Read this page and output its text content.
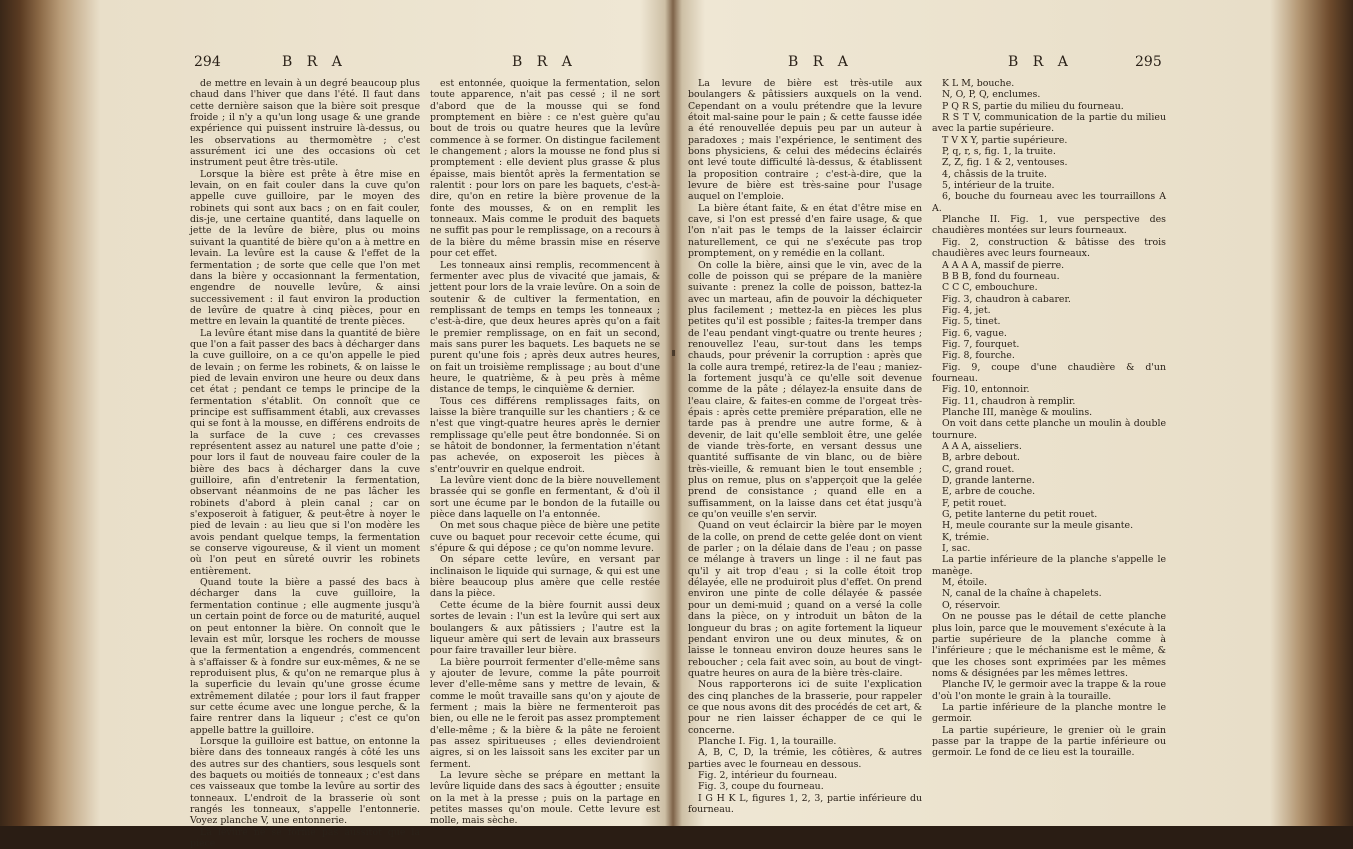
294	B R A	B R A

de mettre en levain à un degré beaucoup plus chaud dans l'hiver que dans l'été. Il faut dans cette dernière saison que la bière soit presque froide ; il n'y a qu'un long usage & une grande expérience qui puissent instruire là-dessus, ou les observations au thermomètre ; c'est assurément ici une des occasions où cet instrument peut être très-utile.

Lorsque la bière est prête à être mise en levain, on en fait couler dans la cuve qu'on appelle cuve guilloire, par le moyen des robinets qui sont aux bacs ; on en fait couler, dis-je, une certaine quantité, dans laquelle on jette de la levûre de bière, plus ou moins suivant la quantité de bière qu'on a à mettre en levain. La levûre est la cause & l'effet de la fermentation ; de sorte que celle que l'on met dans la bière y occasionnant la fermentation, engendre de nouvelle levûre, & ainsi successivement : il faut environ la production de levûre de quatre à cinq pièces, pour en mettre en levain la quantité de trente pièces.

La levûre étant mise dans la quantité de bière que l'on a fait passer des bacs à décharger dans la cuve guilloire, on a ce qu'on appelle le pied de levain ; on ferme les robinets, & on laisse le pied de levain environ une heure ou deux dans cet état ; pendant ce temps le principe de la fermentation s'établit. On connoît que ce principe est suffisamment établi, aux crevasses qui se font à la mousse, en différens endroits de la surface de la cuve ; ces crevasses représentent assez au naturel une patte d'oie ; pour lors il faut de nouveau faire couler de la bière des bacs à décharger dans la cuve guilloire, afin d'entretenir la fermentation, observant néanmoins de ne pas lâcher les robinets d'abord à plein canal ; car on s'exposeroit à fatiguer, & peut-être à noyer le pied de levain : au lieu que si l'on modère les avois pendant quelque temps, la fermentation se conserve vigoureuse, & il vient un moment où l'on peut en sûreté ouvrir les robinets entièrement.

Quand toute la bière a passé des bacs à décharger dans la cuve guilloire, la fermentation continue ; elle augmente jusqu'à un certain point de force ou de maturité, auquel on peut entonner la bière. On connoît que le levain est mûr, lorsque les rochers de mousse que la fermentation a engendrés, commencent à s'affaisser & à fondre sur eux-mêmes, & ne se reproduisent plus, & qu'on ne remarque plus à la superficie du levain qu'une grosse écume extrêmement dilatée ; pour lors il faut frapper sur cette écume avec une longue perche, & la faire rentrer dans la liqueur ; c'est ce qu'on appelle battre la guilloire.

Lorsque la guilloire est battue, on entonne la bière dans des tonneaux rangés à côté les uns des autres sur des chantiers, sous lesquels sont des baquets ou moitiés de tonneaux ; c'est dans ces vaisseaux que tombe la levûre au sortir des tonneaux. L'endroit de la brasserie où sont rangés les tonneaux, s'appelle l'entonnerie. Voyez planche V, une entonnerie.

La levûre ne se forme pas aussitôt que la pièce

est entonnée, quoique la fermentation, selon toute apparence, n'ait pas cessé ; il ne sort d'abord que de la mousse qui se fond promptement en bière : ce n'est guère qu'au bout de trois ou quatre heures que la levûre commence à se former. On distingue facilement le changement ; alors la mousse ne fond plus si promptement : elle devient plus grasse & plus épaisse, mais bientôt après la fermentation se ralentit : pour lors on pare les baquets, c'est-à-dire, qu'on en retire la bière provenue de la fonte des mousses, & on en remplit les tonneaux. Mais comme le produit des baquets ne suffit pas pour le remplissage, on a recours à de la bière du même brassin mise en réserve pour cet effet.

Les tonneaux ainsi remplis, recommencent à fermenter avec plus de vivacité que jamais, & jettent pour lors de la vraie levûre. On a soin de soutenir & de cultiver la fermentation, en remplissant de temps en temps les tonneaux ; c'est-à-dire, que deux heures après qu'on a fait le premier remplissage, on en fait un second, mais sans purer les baquets. Les baquets ne se purent qu'une fois ; après deux autres heures, on fait un troisième remplissage ; au bout d'une heure, le quatrième, & à peu près à même distance de temps, le cinquième & dernier.

Tous ces différens remplissages faits, on laisse la bière tranquille sur les chantiers ; & ce n'est que vingt-quatre heures après le dernier remplissage qu'elle peut être bondonnée. Si on se hâtoit de bondonner, la fermentation n'étant pas achevée, on exposeroit les pièces à s'entr'ouvrir en quelque endroit.

La levûre vient donc de la bière nouvellement brassée qui se gonfle en fermentant, & d'où il sort une écume par le bondon de la futaille ou pièce dans laquelle on l'a entonnée.

On met sous chaque pièce de bière une petite cuve ou baquet pour recevoir cette écume, qui s'épure & qui dépose ; ce qu'on nomme levure.

On sépare cette levûre, en versant par inclinaison le liquide qui surnage, & qui est une bière beaucoup plus amère que celle restée dans la pièce.

Cette écume de la bière fournit aussi deux sortes de levain : l'un est la levûre qui sert aux boulangers & aux pâtissiers ; l'autre est la liqueur amère qui sert de levain aux brasseurs pour faire travailler leur bière.

La bière pourroit fermenter d'elle-même sans y ajouter de levure, comme la pâte pourroit lever d'elle-même sans y mettre de levain, & comme le moût travaille sans qu'on y ajoute de ferment ; mais la bière ne fermenteroit pas bien, ou elle ne le feroit pas assez promptement d'elle-même ; & la bière & la pâte ne feroient pas assez spiritueuses ; elles deviendroient aigres, si on les laissoit sans les exciter par un ferment.

La levure sèche se prépare en mettant la levûre liquide dans des sacs à égoutter ; ensuite on la met à la presse ; puis on la partage en petites masses qu'on moule. Cette levure est molle, mais sèche.

B R A	B R A	295

La levure de bière est très-utile aux boulangers & pâtissiers auxquels on la vend. Cependant on a voulu prétendre que la levure étoit mal-saine pour le pain ; & cette fausse idée a été renouvellée depuis peu par un auteur à paradoxes ; mais l'expérience, le sentiment des bons physiciens, & celui des médecins éclairés ont levé toute difficulté là-dessus, & établissent la proposition contraire ; c'est-à-dire, que la levure de bière est très-saine pour l'usage auquel on l'emploie.

La bière étant faite, & en état d'être mise en cave, si l'on est pressé d'en faire usage, & que l'on n'ait pas le temps de la laisser éclaircir naturellement, ce qui ne s'exécute pas trop promptement, on y remédie en la collant.

On colle la bière, ainsi que le vin, avec de la colle de poisson qui se prépare de la manière suivante : prenez la colle de poisson, battez-la avec un marteau, afin de pouvoir la déchiqueter plus facilement ; mettez-la en pièces les plus petites qu'il est possible ; faites-la tremper dans de l'eau pendant vingt-quatre ou trente heures ; renouvellez l'eau, sur-tout dans les temps chauds, pour prévenir la corruption : après que la colle aura trempé, retirez-la de l'eau ; maniez-la fortement jusqu'à ce qu'elle soit devenue comme de la pâte ; délayez-la ensuite dans de l'eau claire, & faites-en comme de l'orgeat très-épais : après cette première préparation, elle ne tarde pas à prendre une autre forme, & à devenir, de lait qu'elle sembloit être, une gelée de viande très-forte, en versant dessus une quantité suffisante de vin blanc, ou de bière très-vieille, & remuant bien le tout ensemble ; plus on remue, plus on s'apperçoit que la gelée prend de consistance ; quand elle en a suffisamment, on la laisse dans cet état jusqu'à ce qu'on veuille s'en servir.

Quand on veut éclaircir la bière par le moyen de la colle, on prend de cette gelée dont on vient de parler ; on la délaie dans de l'eau ; on passe ce mélange à travers un linge : il ne faut pas qu'il y ait trop d'eau ; si la colle étoit trop délayée, elle ne produiroit plus d'effet. On prend environ une pinte de colle délayée & passée pour un demi-muid ; quand on a versé la colle dans la pièce, on y introduit un bâton de la longueur du bras ; on agite fortement la liqueur pendant environ une ou deux minutes, & on laisse le tonneau environ douze heures sans le reboucher ; cela fait avec soin, au bout de vingt-quatre heures on aura de la bière très-claire.

Nous rapporterons ici de suite l'explication des cinq planches de la brasserie, pour rappeler ce que nous avons dit des procédés de cet art, & pour ne rien laisser échapper de ce qui le concerne.

Planche I. Fig. 1, la touraille.

A, B, C, D, la trémie, les côtières, & autres parties avec le fourneau en dessous.

Fig. 2, intérieur du fourneau.

Fig. 3, coupe du fourneau.

I G H K L, figures 1, 2, 3, partie inférieure du fourneau.

K L M, bouche.

N, O, P, Q, enclumes.

P Q R S, partie du milieu du fourneau.

R S T V, communication de la partie du milieu avec la partie supérieure.

T V X Y, partie supérieure.

P, q, r, s, fig. 1, la truite.

Z, Z, fig. 1 & 2, ventouses.

4, châssis de la truite.

5, intérieur de la truite.

6, bouche du fourneau avec les tourraillons A A.

Planche II. Fig. 1, vue perspective des chaudières montées sur leurs fourneaux.

Fig. 2, construction & bâtisse des trois chaudières avec leurs fourneaux.

A A A A, massif de pierre.

B B B, fond du fourneau.

C C C, embouchure.

Fig. 3, chaudron à cabarer.

Fig. 4, jet.

Fig. 5, tinet.

Fig. 6, vague.

Fig. 7, fourquet.

Fig. 8, fourche.

Fig. 9, coupe d'une chaudière & d'un fourneau.

Fig. 10, entonnoir.

Fig. 11, chaudron à remplir.

Planche III, manège & moulins.

On voit dans cette planche un moulin à double tournure.

A A A, aisseliers.

B, arbre debout.

C, grand rouet.

D, grande lanterne.

E, arbre de couche.

F, petit rouet.

G, petite lanterne du petit rouet.

H, meule courante sur la meule gisante.

K, trémie.

I, sac.

La partie inférieure de la planche s'appelle le manège.

M, étoile.

N, canal de la chaîne à chapelets.

O, réservoir.

On ne pousse pas le détail de cette planche plus loin, parce que le mouvement s'exécute à la partie supérieure de la planche comme à l'inférieure ; que le méchanisme est le même, & que les choses sont exprimées par les mêmes noms & désignées par les mêmes lettres.

Planche IV, le germoir avec la trappe & la roue d'où l'on monte le grain à la touraille.

La partie inférieure de la planche montre le germoir.

La partie supérieure, le grenier où le grain passe par la trappe de la partie inférieure ou germoir. Le fond de ce lieu est la touraille.
